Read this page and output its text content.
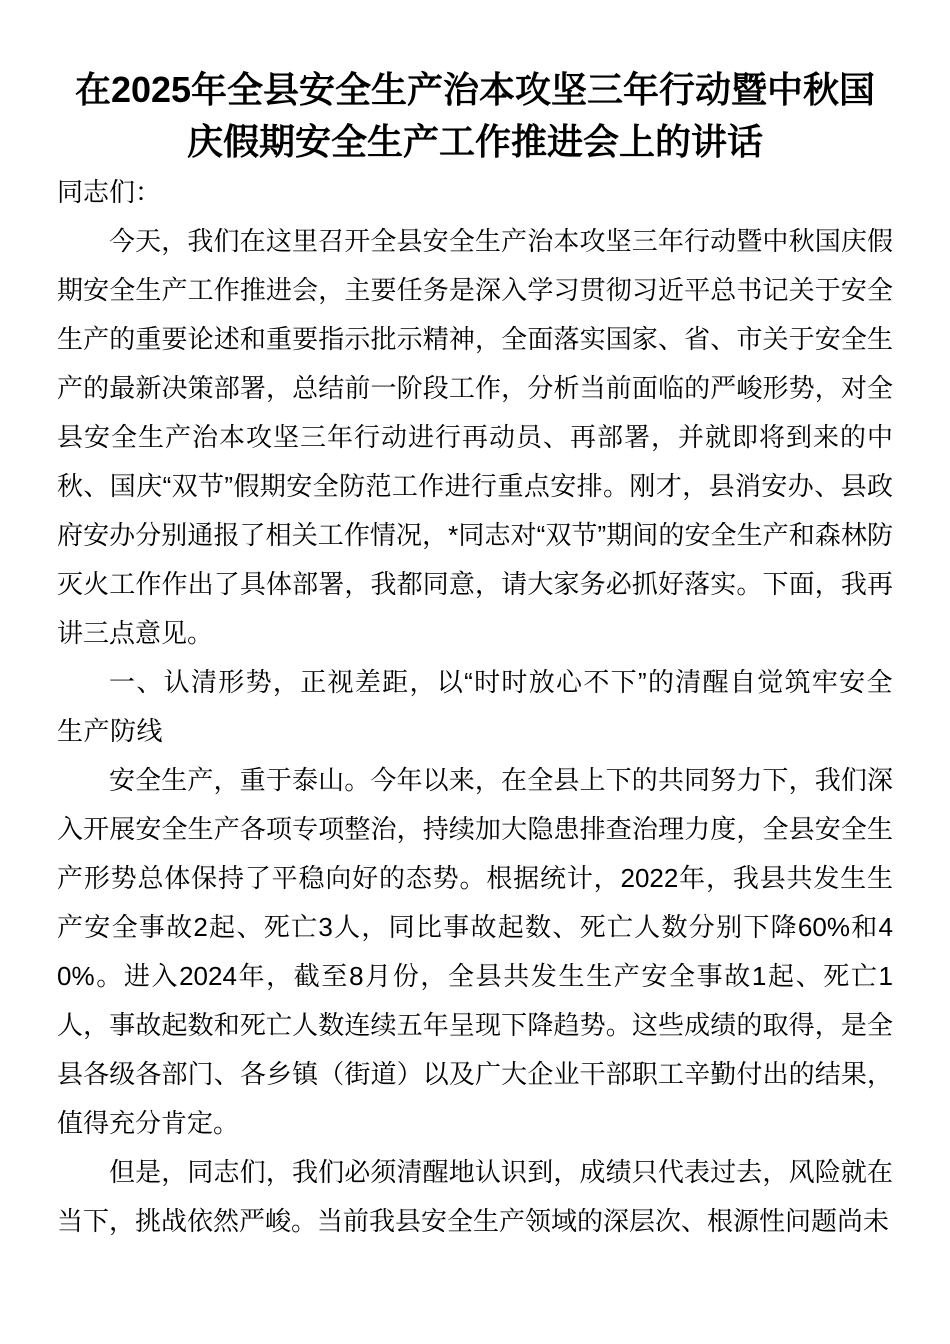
在2025年全县安全生产治本攻坚三年行动暨中秋国庆假期安全生产工作推进会上的讲话

同志们：

今天，我们在这里召开全县安全生产治本攻坚三年行动暨中秋国庆假期安全生产工作推进会，主要任务是深入学习贯彻习近平总书记关于安全生产的重要论述和重要指示批示精神，全面落实国家、省、市关于安全生产的最新决策部署，总结前一阶段工作，分析当前面临的严峻形势，对全县安全生产治本攻坚三年行动进行再动员、再部署，并就即将到来的中秋、国庆“双节”假期安全防范工作进行重点安排。刚才，县消安办、县政府安办分别通报了相关工作情况，*同志对“双节”期间的安全生产和森林防灭火工作作出了具体部署，我都同意，请大家务必抓好落实。下面，我再讲三点意见。

一、认清形势，正视差距，以“时时放心不下”的清醒自觉筑牢安全生产防线

安全生产，重于泰山。今年以来，在全县上下的共同努力下，我们深入开展安全生产各项专项整治，持续加大隐患排查治理力度，全县安全生产形势总体保持了平稳向好的态势。根据统计，2022年，我县共发生生产安全事故2起、死亡3人，同比事故起数、死亡人数分别下降60%和40%。进入2024年，截至8月份，全县共发生生产安全事故1起、死亡1人，事故起数和死亡人数连续五年呈现下降趋势。这些成绩的取得，是全县各级各部门、各乡镇（街道）以及广大企业干部职工辛勤付出的结果，值得充分肯定。

但是，同志们，我们必须清醒地认识到，成绩只代表过去，风险就在当下，挑战依然严峻。当前我县安全生产领域的深层次、根源性问题尚未
